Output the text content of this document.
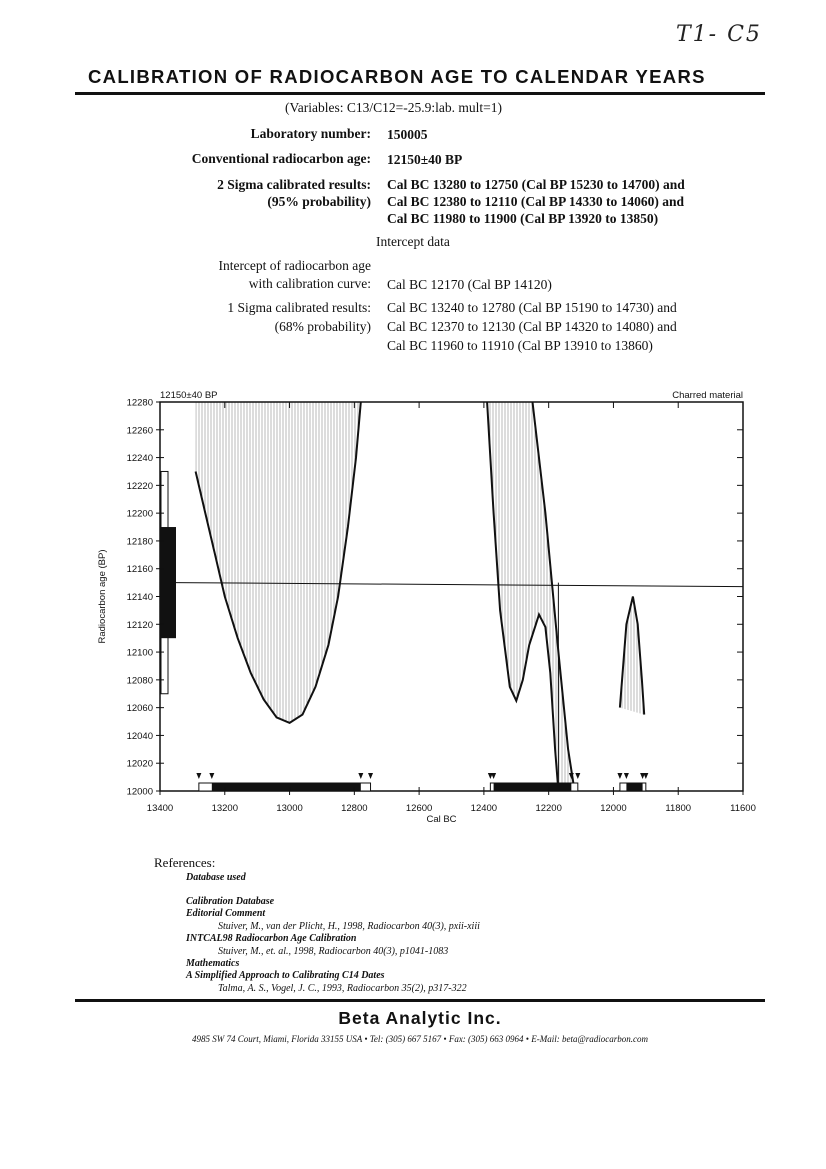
T1- C5
CALIBRATION OF RADIOCARBON AGE TO CALENDAR YEARS
(Variables: C13/C12=-25.9:lab. mult=1)
Laboratory number: 150005
Conventional radiocarbon age: 12150±40 BP
2 Sigma calibrated results:
(95% probability)
Cal BC 13280 to 12750 (Cal BP 15230 to 14700) and
Cal BC 12380 to 12110 (Cal BP 14330 to 14060) and
Cal BC 11980 to 11900 (Cal BP 13920 to 13850)
Intercept data
Intercept of radiocarbon age
with calibration curve: Cal BC 12170 (Cal BP 14120)
1 Sigma calibrated results:
(68% probability)
Cal BC 13240 to 12780 (Cal BP 15190 to 14730) and
Cal BC 12370 to 12130 (Cal BP 14320 to 14080) and
Cal BC 11960 to 11910 (Cal BP 13910 to 13860)
12000
12020
12040
12060
12080
12100
12120
12140
12160
12180
12200
12220
12240
12260
12280
13400	13200	13000	12800	12600	12400	12200	12000	11800	11600
12150±40 BP	Charred material
Cal BC
Radiocarbon age (BP)
References:
Database used
Calibration Database
Editorial Comment
Stuiver, M., van der Plicht, H., 1998, Radiocarbon 40(3), pxii-xiii
INTCAL98 Radiocarbon Age Calibration
Stuiver, M., et. al., 1998, Radiocarbon 40(3), p1041-1083
Mathematics
A Simplified Approach to Calibrating C14 Dates
Talma, A. S., Vogel, J. C., 1993, Radiocarbon 35(2), p317-322
Beta Analytic Inc.
4985 SW 74 Court, Miami, Florida 33155 USA • Tel: (305) 667 5167 • Fax: (305) 663 0964 • E-Mail: beta@radiocarbon.com
